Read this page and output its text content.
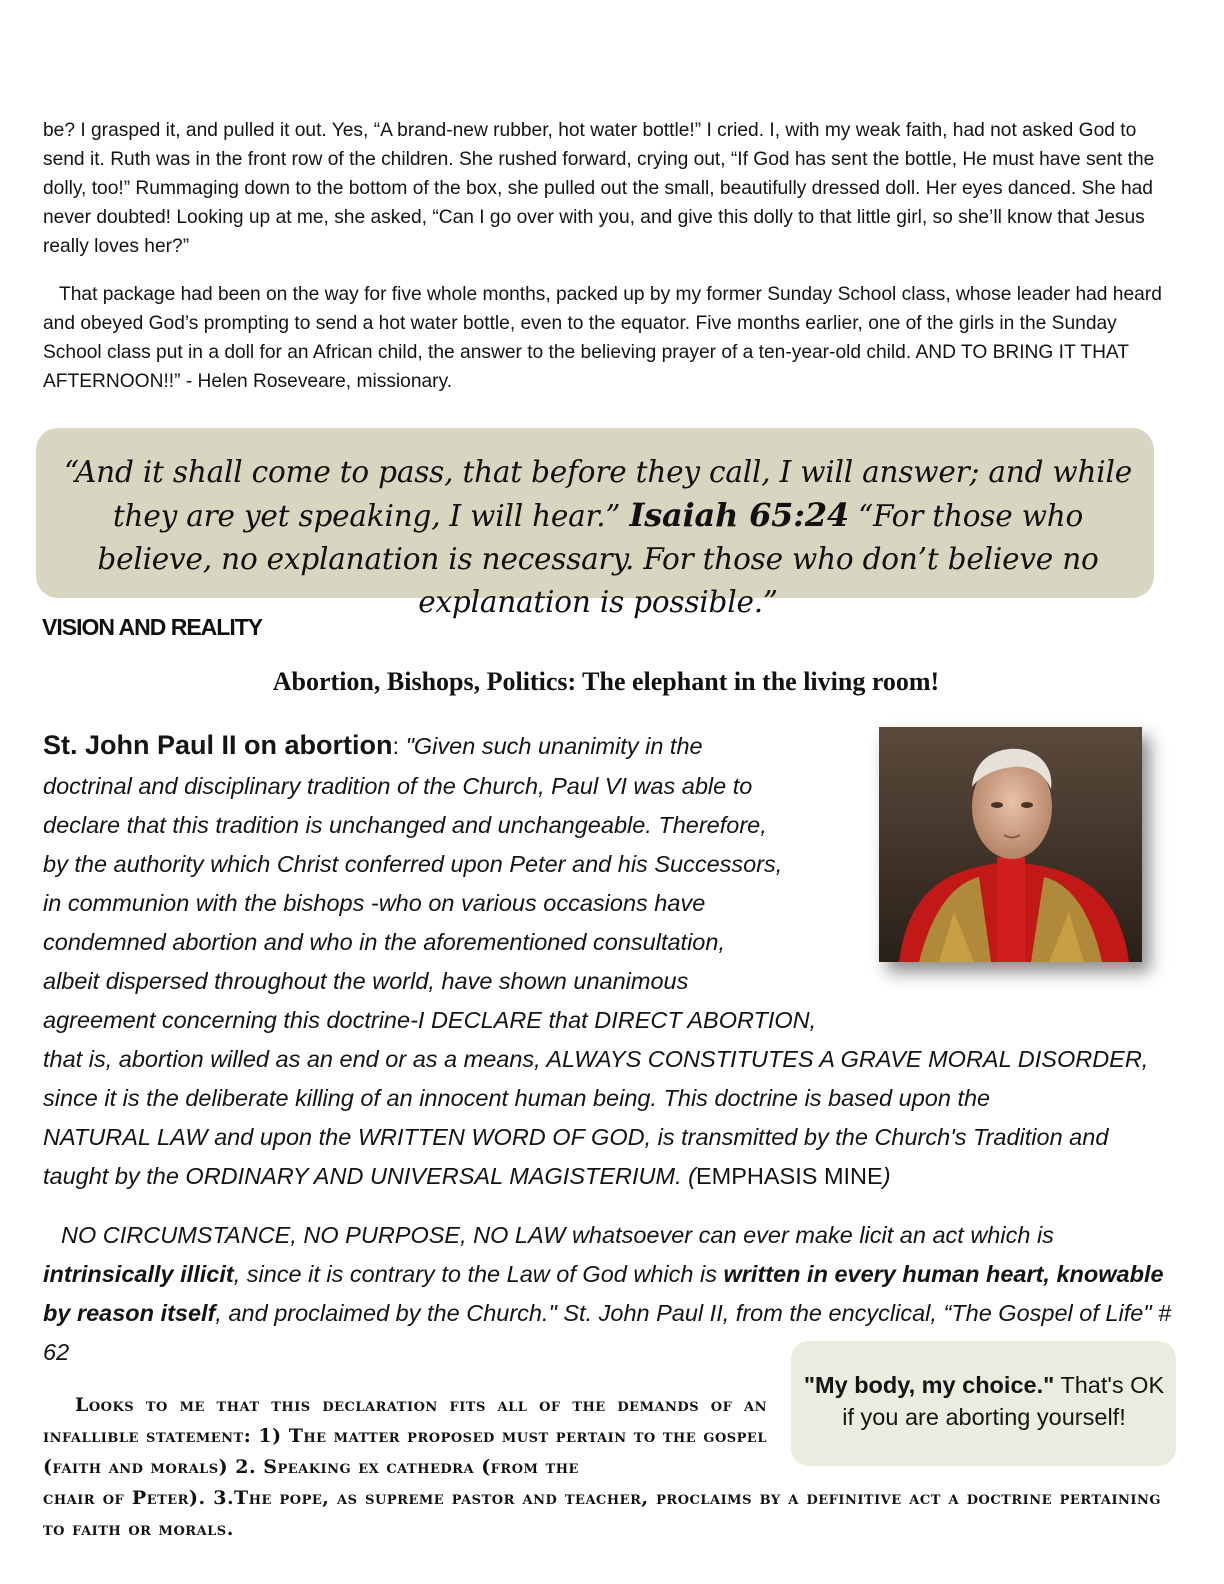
be? I grasped it, and pulled it out. Yes, “A brand-new rubber, hot water bottle!” I cried. I, with my weak faith, had not asked God to send it. Ruth was in the front row of the children. She rushed forward, crying out, “If God has sent the bottle, He must have sent the dolly, too!” Rummaging down to the bottom of the box, she pulled out the small, beautifully dressed doll. Her eyes danced. She had never doubted! Looking up at me, she asked, “Can I go over with you, and give this dolly to that little girl, so she’ll know that Jesus really loves her?”

That package had been on the way for five whole months, packed up by my former Sunday School class, whose leader had heard and obeyed God’s prompting to send a hot water bottle, even to the equator. Five months earlier, one of the girls in the Sunday School class put in a doll for an African child, the answer to the believing prayer of a ten-year-old child. AND TO BRING IT THAT AFTERNOON!!” - Helen Roseveare, missionary.

“And it shall come to pass, that before they call, I will answer; and while they are yet speaking, I will hear.” Isaiah 65:24 “For those who believe, no explanation is necessary. For those who don’t believe no explanation is possible.”

VISION AND REALITY
Abortion, Bishops, Politics: The elephant in the living room!

St. John Paul II on abortion: "Given such unanimity in the

doctrinal and disciplinary tradition of the Church, Paul VI was able to

declare that this tradition is unchanged and unchangeable. Therefore,

by the authority which Christ conferred upon Peter and his Successors,

in communion with the bishops -who on various occasions have

condemned abortion and who in the aforementioned consultation,

albeit dispersed throughout the world, have shown unanimous

agreement concerning this doctrine-I DECLARE that DIRECT ABORTION,

that is, abortion willed as an end or as a means, ALWAYS CONSTITUTES A GRAVE MORAL DISORDER,

since it is the deliberate killing of an innocent human being. This doctrine is based upon the

NATURAL LAW and upon the WRITTEN WORD OF GOD, is transmitted by the Church's Tradition and

taught by the ORDINARY AND UNIVERSAL MAGISTERIUM. (EMPHASIS MINE)

NO CIRCUMSTANCE, NO PURPOSE, NO LAW whatsoever can ever make licit an act which is intrinsically illicit, since it is contrary to the Law of God which is written in every human heart, knowable by reason itself, and proclaimed by the Church." St. John Paul II, from the encyclical, “The Gospel of Life" # 62

"My body, my choice." That's OK if you are aborting yourself!

Looks to me that this declaration fits all of the demands of an infallible statement: 1) The matter proposed must pertain to the gospel (faith and morals) 2. Speaking ex cathedra (from the

chair of Peter). 3.The pope, as supreme pastor and teacher, proclaims by a definitive act a doctrine pertaining to faith or morals.
